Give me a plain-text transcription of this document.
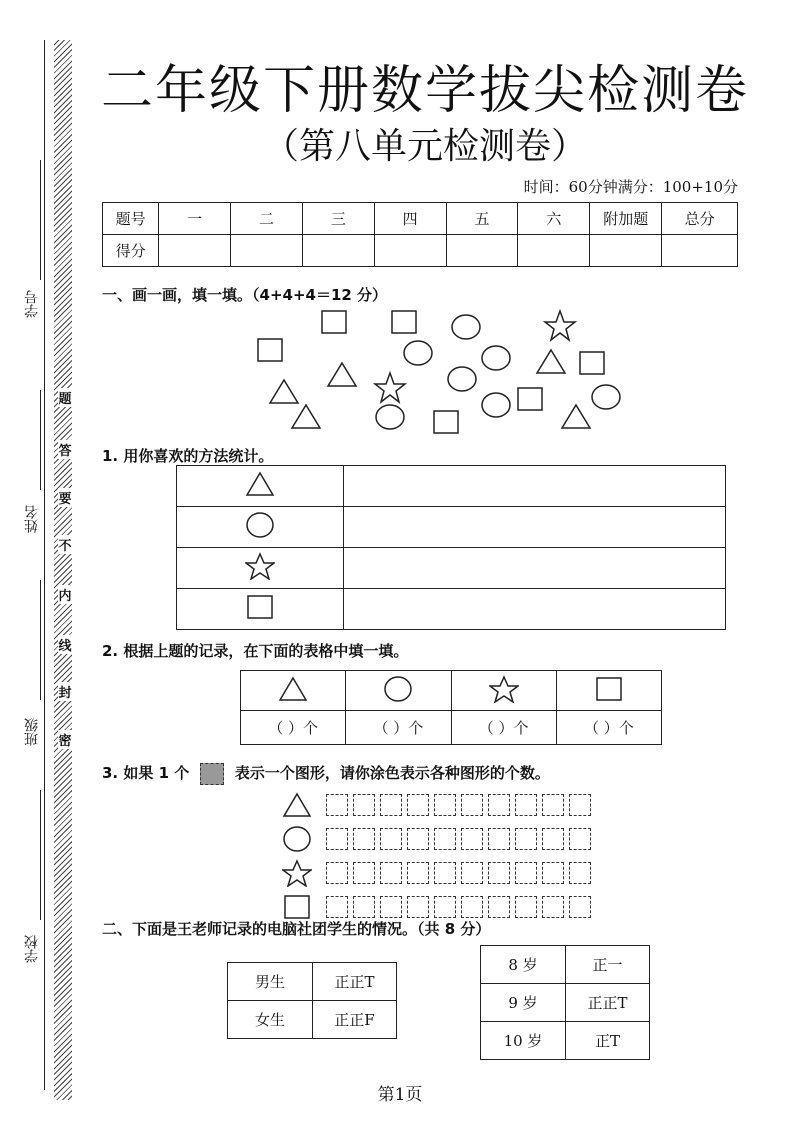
学号
姓名
班级
学校
题
答
要
不
内
线
封
密
二年级下册数学拔尖检测卷
（第八单元检测卷）
时间：60分钟满分：100+10分
题号	一	二	三	四	五	六	附加题	总分
得分								
一、画一画，填一填。（4+4+4＝12 分）
1. 用你喜欢的方法统计。

2. 根据上题的记录，在下面的表格中填一填。

（ ）个	（ ）个	（ ）个	（ ）个
3. 如果 1 个	表示一个图形，请你涂色表示各种图形的个数。
二、下面是王老师记录的电脑社团学生的情况。（共 8 分）
男生	正正T
女生	正正F
8 岁	正一
9 岁	正正T
10 岁	正T
第1页
